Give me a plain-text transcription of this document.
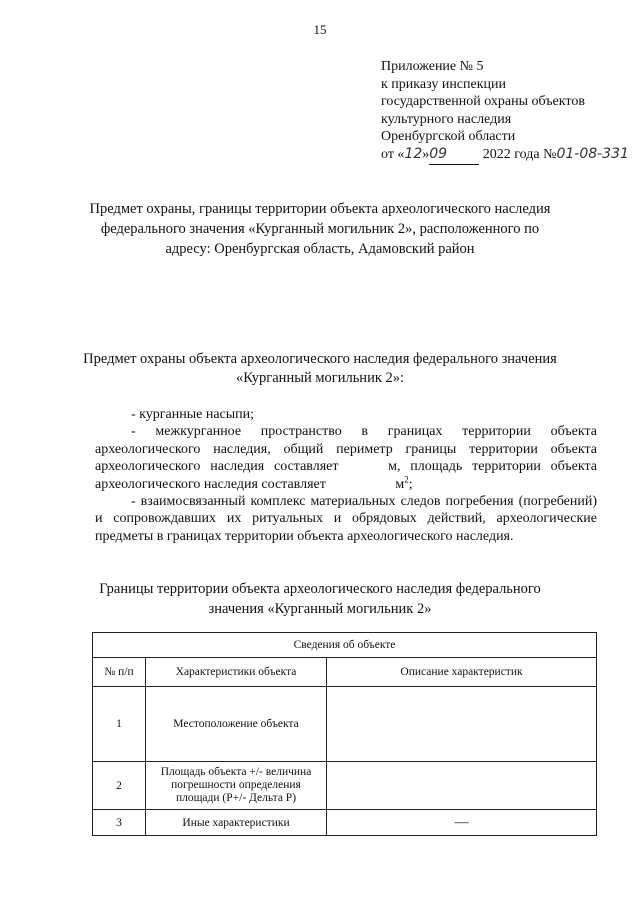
15
Приложение № 5
к приказу инспекции
государственной охраны объектов
культурного наследия
Оренбургской области
от «12»09	2022 года №01-08-331
Предмет охраны, границы территории объекта археологического наследия
федерального значения «Курганный могильник 2», расположенного по
адресу: Оренбургская область, Адамовский район
Предмет охраны объекта археологического наследия федерального значения
«Курганный могильник 2»:

- курганные насыпи;

- межкурганное пространство в границах территории объекта археологического наследия, общий периметр границы территории объекта археологического наследия составляет	м, площадь территории объекта археологического наследия составляет	$м^2$;

- взаимосвязанный комплекс материальных следов погребения (погребений) и сопровождавших их ритуальных и обрядовых действий, археологические предметы в границах территории объекта археологического наследия.

Границы территории объекта археологического наследия федерального
значения «Курганный могильник 2»
Сведения об объекте		
№ п/п	Характеристики объекта	Описание характеристик
1	Местоположение объекта	
2	Площадь объекта +/- величина погрешности определения площади (Р+/- Дельта Р)	
3	Иные характеристики	—
